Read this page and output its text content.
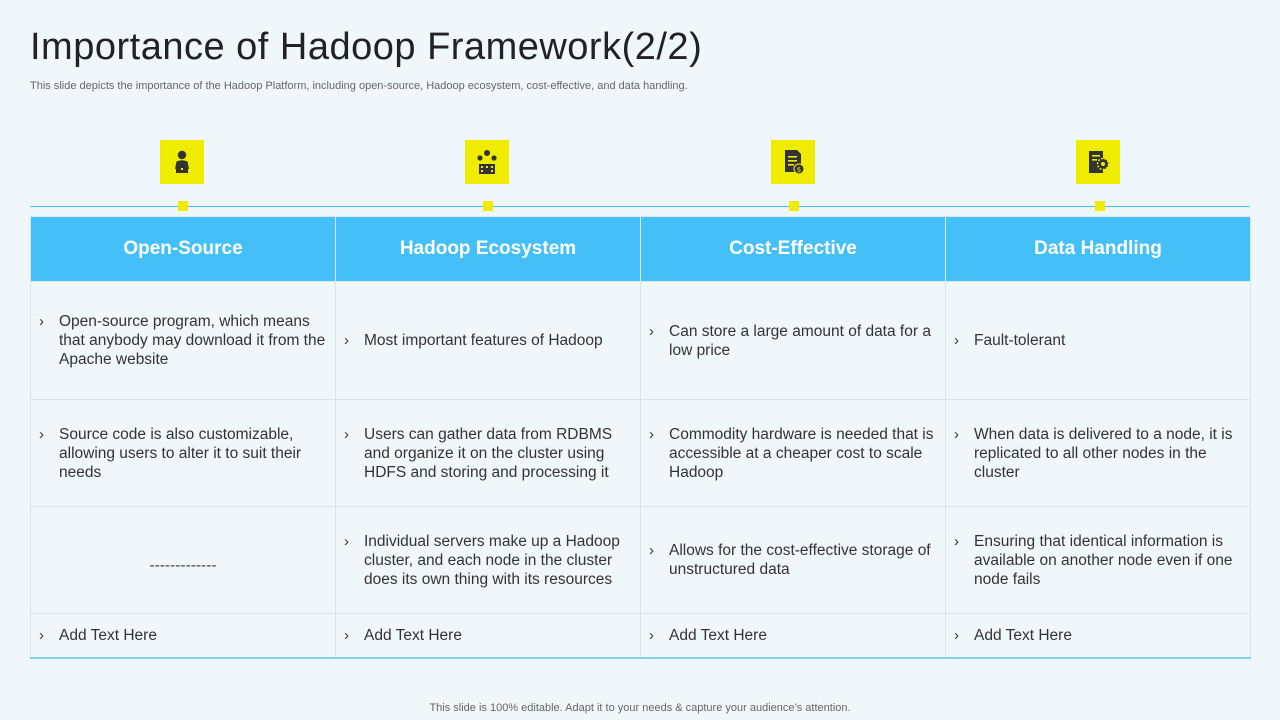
Importance of Hadoop Framework(2/2)
This slide depicts the importance of the Hadoop Platform, including open-source, Hadoop ecosystem, cost-effective, and data handling.
$
Open-Source	Hadoop Ecosystem	Cost-Effective	Data Handling

› Open-source program, which means that anybody may download it from the Apache website	› Most important features of Hadoop	› Can store a large amount of data for a low price	› Fault-tolerant

› Source code is also customizable, allowing users to alter it to suit their needs	› Users can gather data from RDBMS and organize it on the cluster using HDFS and storing and processing it	› Commodity hardware is needed that is accessible at a cheaper cost to scale Hadoop	› When data is delivered to a node, it is replicated to all other nodes in the cluster

-------------	› Individual servers make up a Hadoop cluster, and each node in the cluster does its own thing with its resources	› Allows for the cost-effective storage of unstructured data	› Ensuring that identical information is available on another node even if one node fails

› Add Text Here	› Add Text Here	› Add Text Here	› Add Text Here
This slide is 100% editable. Adapt it to your needs & capture your audience’s attention.
